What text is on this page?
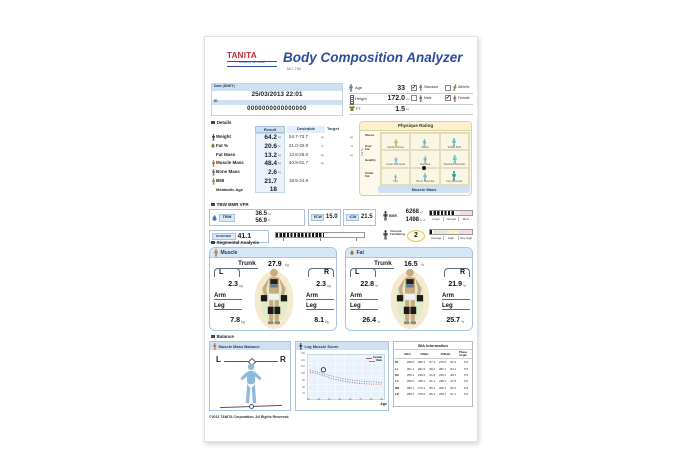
TANITA
Monitoring Your Health	Body Composition Analyzer
MC-780
Date (D/M/Y)
25/03/2013 22:01
ID
0000000000000000
Age	33 ✓ Standard	Athletic
Height	172.0 cm	Male	✓ Female
FT	1.5 kg
Details
Result	Desirable	Target
Weight	64.2 kg	54.7-73.7	kg	kg
Fat %	20.6 %	21.0-32.9	%	%
Fat Mass	13.2 kg	13.6-25.0	kg	kg
Muscle Mass	48.4 kg	40.8-51.7	kg
Bone Mass	2.6 kg
BMI	21.7	18.5-24.9
Metabolic Age	18
Physique Rating
Fat %
Obese
Over Fat
Healthy
Under Fat
Hidden Obese	Obese	Solidly Built
Under Exercised	Standard	Standard Muscular
Thin	Thin & Muscular	Very Muscular
Muscle Mass
TBW BMR VFR
TBW	36.5
56.9
kg
%
ECW 15.0	ICW 21.5	BMR
6268 kJ
1498 kcal	Under	Normal	More
ECW/TBW 41.1
Visceral Fat Rating	2	Average	High	Very High
Segmental Analysis
Muscle
Trunk 27.9 kg
L	R
2.3 kg	2.3 kg
Arm	Arm
Leg	Leg
7.8 kg	8.1 kg
Fat
Trunk 16.5 %
L	R
22.8 %	21.9 %
Arm	Arm
Leg	Leg
26.4 %	25.7 %
Balance
Muscle Mass Balance
L	R
Leg Muscle Score
130
120
110
100
90
80
70
Female
Male
20	30	40	50	60	70	80	90
Age
BIA Information
5kHz	50kHz	250kHz	Phase Angle
RL	299.5	289.1	-57.1	279.5	-52.1	5.5
LL	301.1	291.5	-58.2	281.1	-53.1	5.5
RA	259.1	249.2	-51.8	239.1	-48.1	5.5
LA	258.2	248.1	-51.1	238.2	-47.5	5.5
RB	286.1	276.1	-55.1	266.1	-50.1	5.5
LB	288.1	278.2	-56.1	268.1	-51.1	5.5
©2013 TANITA Corporation. All Rights Reserved.
